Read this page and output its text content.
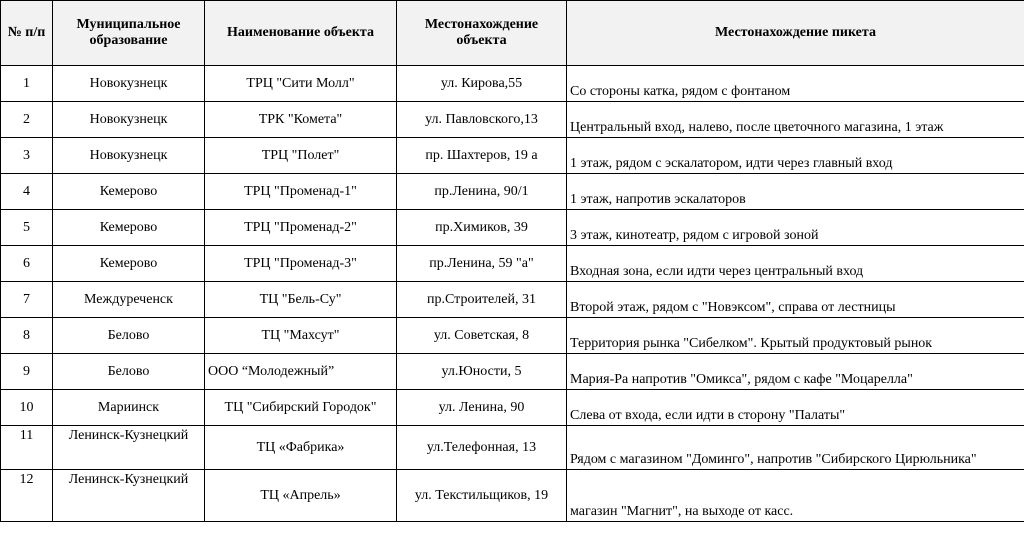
№ п/п	Муниципальное образование	Наименование объекта	Местонахождение объекта	Местонахождение пикета
1	Новокузнецк	ТРЦ "Сити Молл"	ул. Кирова,55	Со стороны катка, рядом с фонтаном
2	Новокузнецк	ТРК "Комета"	ул. Павловского,13	Центральный вход, налево, после цветочного магазина, 1 этаж
3	Новокузнецк	ТРЦ "Полет"	пр. Шахтеров, 19 а	1 этаж, рядом с эскалатором, идти через главный вход
4	Кемерово	ТРЦ "Променад-1"	пр.Ленина, 90/1	1 этаж, напротив эскалаторов
5	Кемерово	ТРЦ "Променад-2"	пр.Химиков, 39	3 этаж, кинотеатр, рядом с игровой зоной
6	Кемерово	ТРЦ "Променад-3"	пр.Ленина, 59 "а"	Входная зона, если идти через центральный вход
7	Междуреченск	ТЦ "Бель-Су"	пр.Строителей, 31	Второй этаж, рядом с "Новэксом", справа от лестницы
8	Белово	ТЦ "Махсут"	ул. Советская, 8	Территория рынка "Сибелком". Крытый продуктовый рынок
9	Белово	ООО “Молодежный”	ул.Юности, 5	Мария-Ра напротив "Омикса", рядом с кафе "Моцарелла"
10	Мариинск	ТЦ "Сибирский Городок"	ул. Ленина, 90	Слева от входа, если идти в сторону "Палаты"
11	Ленинск-Кузнецкий	ТЦ «Фабрика»	ул.Телефонная, 13	Рядом с магазином "Доминго", напротив "Сибирского Цирюльника"
12	Ленинск-Кузнецкий	ТЦ «Апрель»	ул. Текстильщиков, 19	магазин "Магнит", на выходе от касс.
